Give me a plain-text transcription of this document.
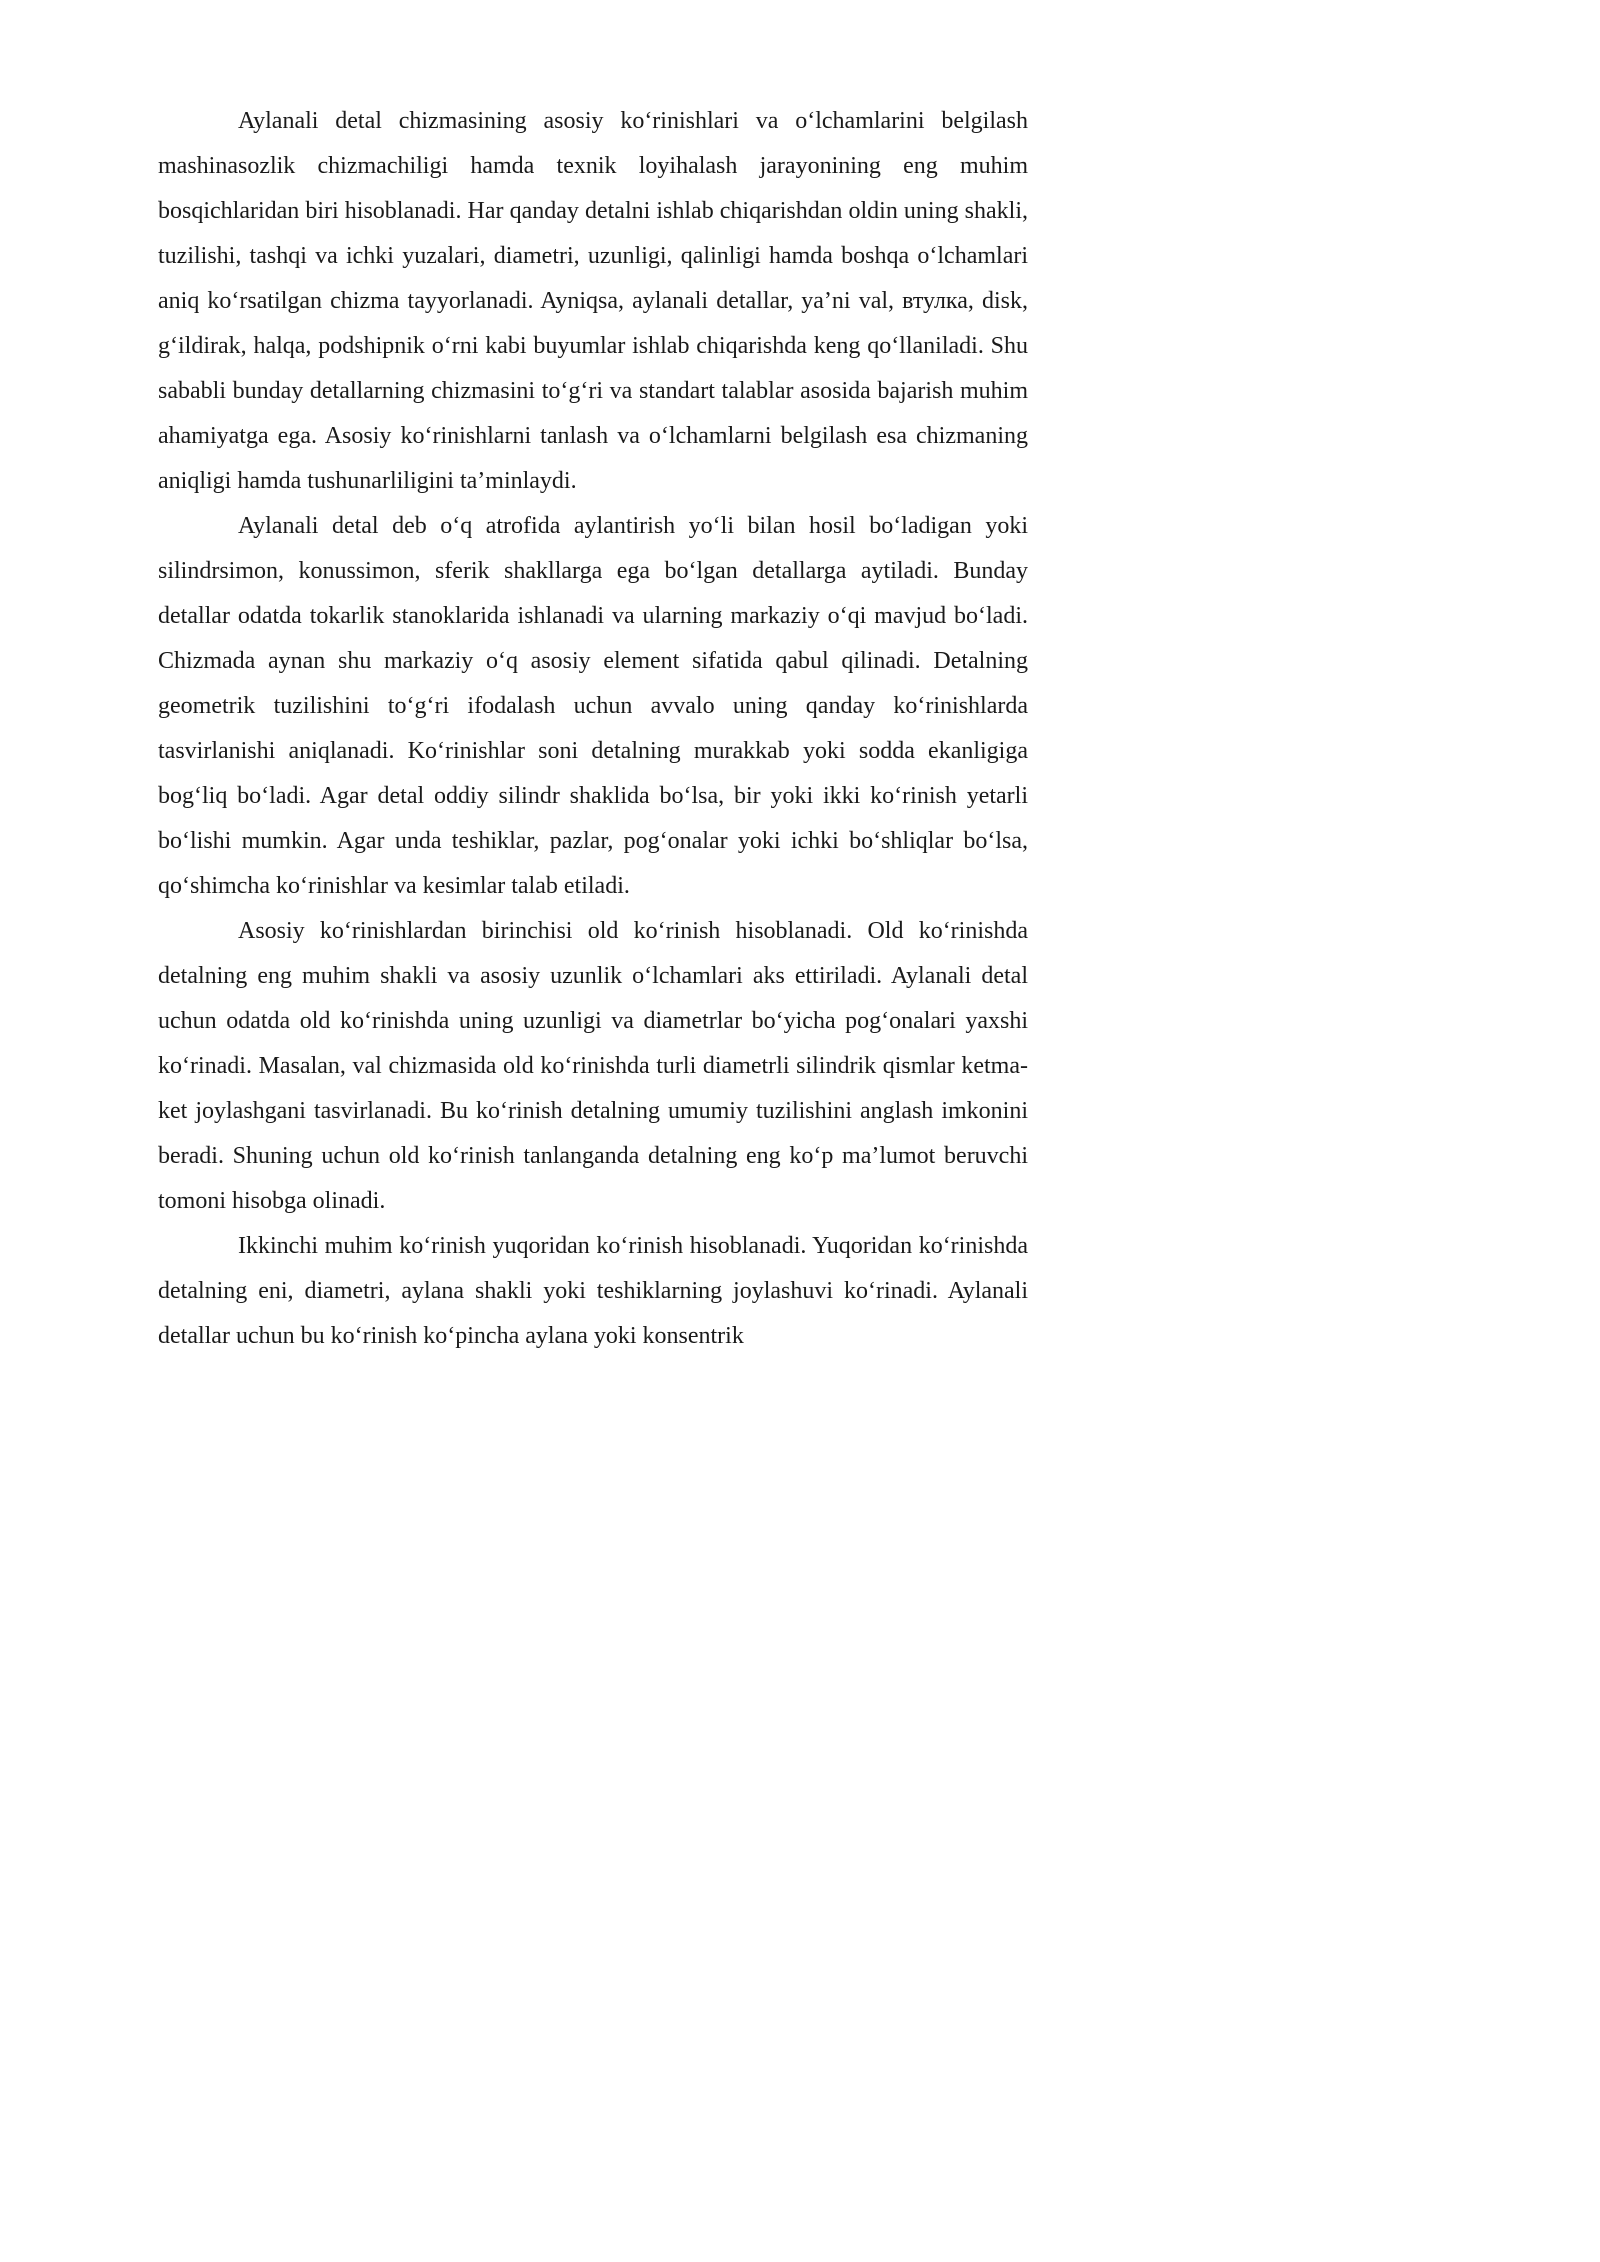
Aylanali detal chizmasining asosiy ko‘rinishlari va o‘lchamlarini belgilash mashinasozlik chizmachiligi hamda texnik loyihalash jarayonining eng muhim bosqichlaridan biri hisoblanadi. Har qanday detalni ishlab chiqarishdan oldin uning shakli, tuzilishi, tashqi va ichki yuzalari, diametri, uzunligi, qalinligi hamda boshqa o‘lchamlari aniq ko‘rsatilgan chizma tayyorlanadi. Ayniqsa, aylanali detallar, ya’ni val, втулка, disk, g‘ildirak, halqa, podshipnik o‘rni kabi buyumlar ishlab chiqarishda keng qo‘llaniladi. Shu sababli bunday detallarning chizmasini to‘g‘ri va standart talablar asosida bajarish muhim ahamiyatga ega. Asosiy ko‘rinishlarni tanlash va o‘lchamlarni belgilash esa chizmaning aniqligi hamda tushunarliligini ta’minlaydi.

Aylanali detal deb o‘q atrofida aylantirish yo‘li bilan hosil bo‘ladigan yoki silindrsimon, konussimon, sferik shakllarga ega bo‘lgan detallarga aytiladi. Bunday detallar odatda tokarlik stanoklarida ishlanadi va ularning markaziy o‘qi mavjud bo‘ladi. Chizmada aynan shu markaziy o‘q asosiy element sifatida qabul qilinadi. Detalning geometrik tuzilishini to‘g‘ri ifodalash uchun avvalo uning qanday ko‘rinishlarda tasvirlanishi aniqlanadi. Ko‘rinishlar soni detalning murakkab yoki sodda ekanligiga bog‘liq bo‘ladi. Agar detal oddiy silindr shaklida bo‘lsa, bir yoki ikki ko‘rinish yetarli bo‘lishi mumkin. Agar unda teshiklar, pazlar, pog‘onalar yoki ichki bo‘shliqlar bo‘lsa, qo‘shimcha ko‘rinishlar va kesimlar talab etiladi.

Asosiy ko‘rinishlardan birinchisi old ko‘rinish hisoblanadi. Old ko‘rinishda detalning eng muhim shakli va asosiy uzunlik o‘lchamlari aks ettiriladi. Aylanali detal uchun odatda old ko‘rinishda uning uzunligi va diametrlar bo‘yicha pog‘onalari yaxshi ko‘rinadi. Masalan, val chizmasida old ko‘rinishda turli diametrli silindrik qismlar ketma-ket joylashgani tasvirlanadi. Bu ko‘rinish detalning umumiy tuzilishini anglash imkonini beradi. Shuning uchun old ko‘rinish tanlanganda detalning eng ko‘p ma’lumot beruvchi tomoni hisobga olinadi.

Ikkinchi muhim ko‘rinish yuqoridan ko‘rinish hisoblanadi. Yuqoridan ko‘rinishda detalning eni, diametri, aylana shakli yoki teshiklarning joylashuvi ko‘rinadi. Aylanali detallar uchun bu ko‘rinish ko‘pincha aylana yoki konsentrik
